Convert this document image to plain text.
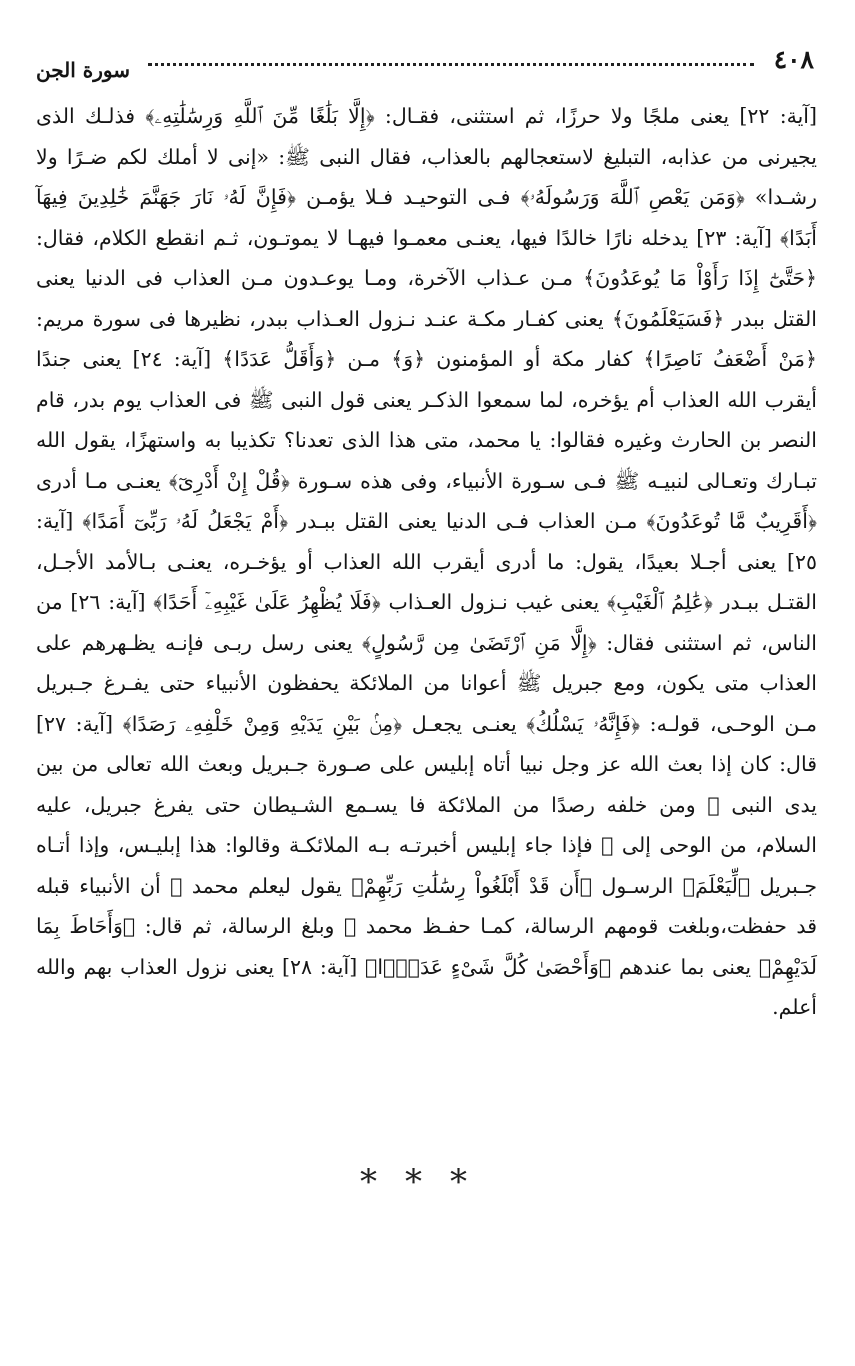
٤٠٨
سورة الجن
[آية: ٢٢] يعنى ملجًا ولا حرزًا، ثم استثنى، فقـال: ﴿إِلَّا بَلَٰغًا مِّنَ ٱللَّهِ وَرِسَٰلَٰتِهِۦ﴾ فذلـك الذى يجيرنى من عذابه، التبليغ لاستعجالهم بالعذاب، فقال النبى ﷺ: «إنى لا أملك لكم ضـرًا ولا رشـدا» ﴿وَمَن يَعْصِ ٱللَّهَ وَرَسُولَهُۥ﴾ فـى التوحيـد فـلا يؤمـن ﴿فَإِنَّ لَهُۥ نَارَ جَهَنَّمَ خَٰلِدِينَ فِيهَآ أَبَدًا﴾ [آية: ٢٣] يدخله نارًا خالدًا فيها، يعنـى معمـوا فيهـا لا يموتـون، ثـم انقطع الكلام، فقال: ﴿حَتَّىٰٓ إِذَا رَأَوْاْ مَا يُوعَدُونَ﴾ مـن عـذاب الآخرة، ومـا يوعـدون مـن العذاب فى الدنيا يعنى القتل ببدر ﴿فَسَيَعْلَمُونَ﴾ يعنى كفـار مكـة عنـد نـزول العـذاب ببدر، نظيرها فى سورة مريم: ﴿مَنْ أَضْعَفُ نَاصِرًا﴾ كفار مكة أو المؤمنون ﴿وَ﴾ مـن ﴿وَأَقَلُّ عَدَدًا﴾ [آية: ٢٤] يعنى جندًا أيقرب الله العذاب أم يؤخره، لما سمعوا الذكـر يعنى قول النبى ﷺ فى العذاب يوم بدر، قام النصر بن الحارث وغيره فقالوا: يا محمد، متى هذا الذى تعدنا؟ تكذيبا به واستهزًا، يقول الله تبـارك وتعـالى لنبيـه ﷺ فـى سـورة الأنبياء، وفى هذه سـورة ﴿قُلْ إِنْ أَدْرِىٓ﴾ يعنـى مـا أدرى ﴿أَقَرِيبٌ مَّا تُوعَدُونَ﴾ مـن العذاب فـى الدنيا يعنى القتل ببـدر ﴿أَمْ يَجْعَلُ لَهُۥ رَبِّىٓ أَمَدًا﴾ [آية: ٢٥] يعنى أجـلا بعيدًا، يقول: ما أدرى أيقرب الله العذاب أو يؤخـره، يعنـى بـالأمد الأجـل، القتـل ببـدر ﴿عَٰلِمُ ٱلْغَيْبِ﴾ يعنى غيب نـزول العـذاب ﴿فَلَا يُظْهِرُ عَلَىٰ غَيْبِهِۦٓ أَحَدًا﴾ [آية: ٢٦] من الناس، ثم استثنى فقال: ﴿إِلَّا مَنِ ٱرْتَضَىٰ مِن رَّسُولٍ﴾ يعنى رسل ربـى فإنـه يظـهرهم على العذاب متى يكون، ومع جبريل ﷺ أعوانا من الملائكة يحفظون الأنبياء حتى يفـرغ جـبريل مـن الوحـى، قولـه: ﴿فَإِنَّهُۥ يَسْلُكُ﴾ يعنـى يجعـل ﴿مِنۢ بَيْنِ يَدَيْهِ وَمِنْ خَلْفِهِۦ رَصَدًا﴾ [آية: ٢٧] قال: كان إذا بعث الله عز وجل نبيا أتاه إبليس على صـورة جـبريل وبعث الله تعالى من بين يدى النبى ﷺ ومن خلفه رصدًا من الملائكة فا يسـمع الشـيطان حتى يفرغ جبريل، عليه السلام، من الوحى إلى ﷺ فإذا جاء إبليس أخبرتـه بـه الملائكـة وقالوا: هذا إبليـس، وإذا أتـاه جـبريل ﴿لِّيَعْلَمَ﴾ الرسـول ﴿أَن قَدْ أَبْلَغُواْ رِسَٰلَٰتِ رَبِّهِمْ﴾ يقول ليعلم محمد ﷺ أن الأنبياء قبله قد حفظت،وبلغت قومهم الرسالة، كمـا حفـظ محمد ﷺ وبلغ الرسالة، ثم قال: ﴿وَأَحَاطَ بِمَا لَدَيْهِمْ﴾ يعنى بما عندهم ﴿وَأَحْصَىٰ كُلَّ شَىْءٍ عَدَدًۢا﴾ [آية: ٢٨] يعنى نزول العذاب بهم والله أعلم.
***
